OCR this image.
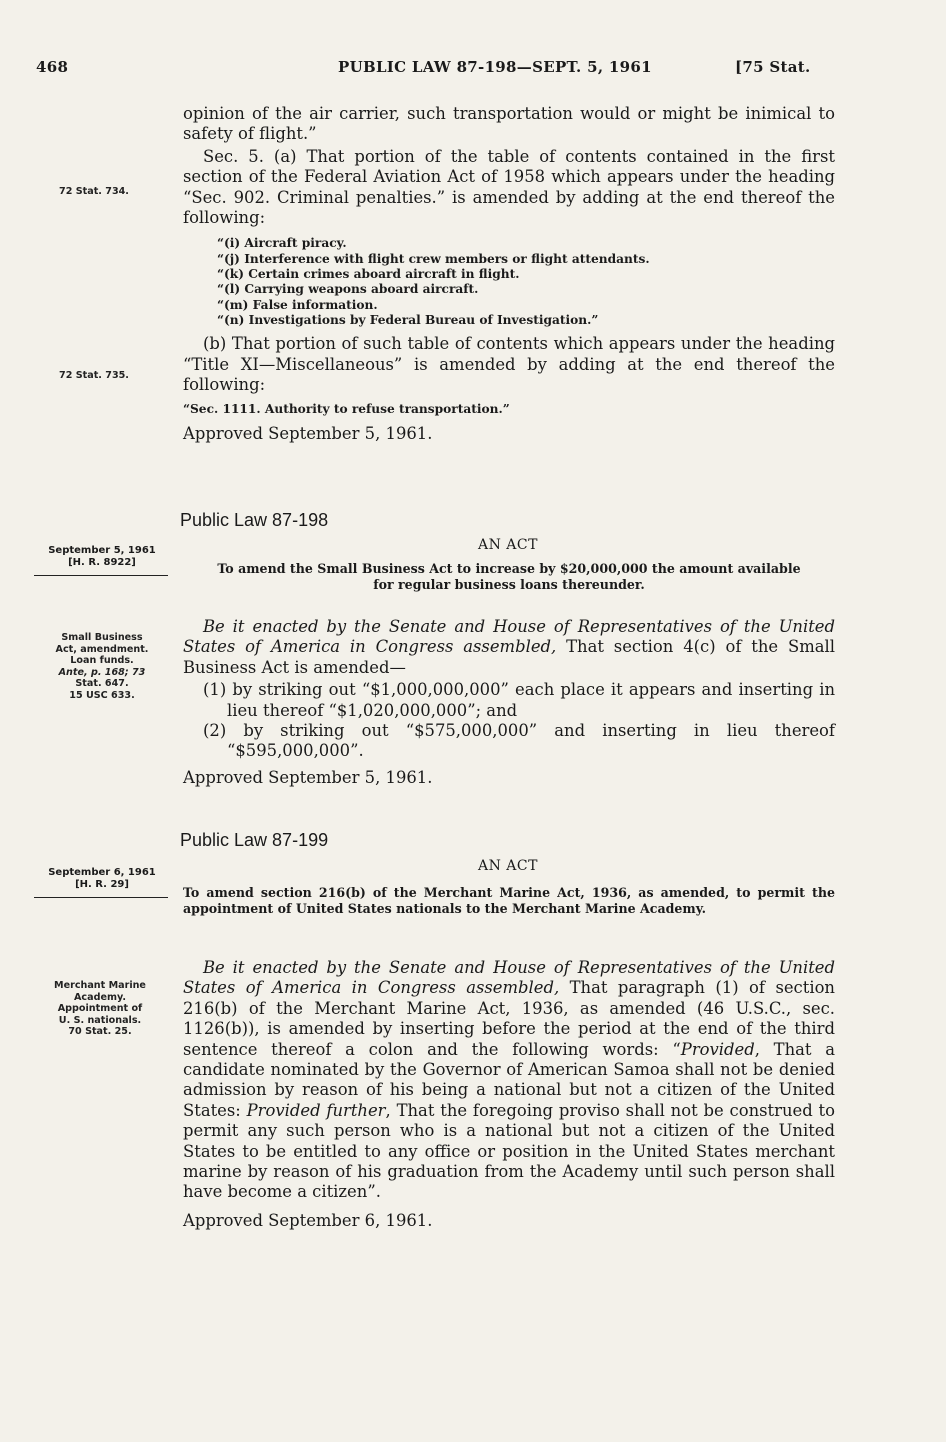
468	PUBLIC LAW 87-198—SEPT. 5, 1961	[75 Stat.

opinion of the air carrier, such transportation would or might be inimical to safety of flight.”

Sec. 5. (a) That portion of the table of contents contained in the first section of the Federal Aviation Act of 1958 which appears under the heading “Sec. 902. Criminal penalties.” is amended by adding at the end thereof the following:

“(i) Aircraft piracy.

“(j) Interference with flight crew members or flight attendants.

“(k) Certain crimes aboard aircraft in flight.

“(l) Carrying weapons aboard aircraft.

“(m) False information.

“(n) Investigations by Federal Bureau of Investigation.”

(b) That portion of such table of contents which appears under the heading “Title XI—Miscellaneous” is amended by adding at the end thereof the following:

“Sec. 1111. Authority to refuse transportation.”

Approved September 5, 1961.

72 Stat. 734.
72 Stat. 735.
Public Law 87-198
AN ACT

September 5, 1961

[H. R. 8922]	To amend the Small Business Act to increase by $20,000,000 the amount available
for regular business loans thereunder.

Be it enacted by the Senate and House of Representatives of the United States of America in Congress assembled, That section 4(c) of the Small Business Act is amended—

(1) by striking out “$1,000,000,000” each place it appears and inserting in lieu thereof “$1,020,000,000”; and

(2) by striking out “$575,000,000” and inserting in lieu thereof “$595,000,000”.

Approved September 5, 1961.

Small Business

Act, amendment.

Loan funds.

Ante, p. 168; 73

Stat. 647.

15 USC 633.

Public Law 87-199
AN ACT

September 6, 1961

[H. R. 29]

To amend section 216(b) of the Merchant Marine Act, 1936, as amended, to permit the appointment of United States nationals to the Merchant Marine Academy.

Be it enacted by the Senate and House of Representatives of the United States of America in Congress assembled, That paragraph (1) of section 216(b) of the Merchant Marine Act, 1936, as amended (46 U.S.C., sec. 1126(b)), is amended by inserting before the period at the end of the third sentence thereof a colon and the following words: “Provided, That a candidate nominated by the Governor of American Samoa shall not be denied admission by reason of his being a national but not a citizen of the United States: Provided further, That the foregoing proviso shall not be construed to permit any such person who is a national but not a citizen of the United States to be entitled to any office or position in the United States merchant marine by reason of his graduation from the Academy until such person shall have become a citizen”.

Approved September 6, 1961.

Merchant Marine

Academy.

Appointment of

U. S. nationals.

70 Stat. 25.
